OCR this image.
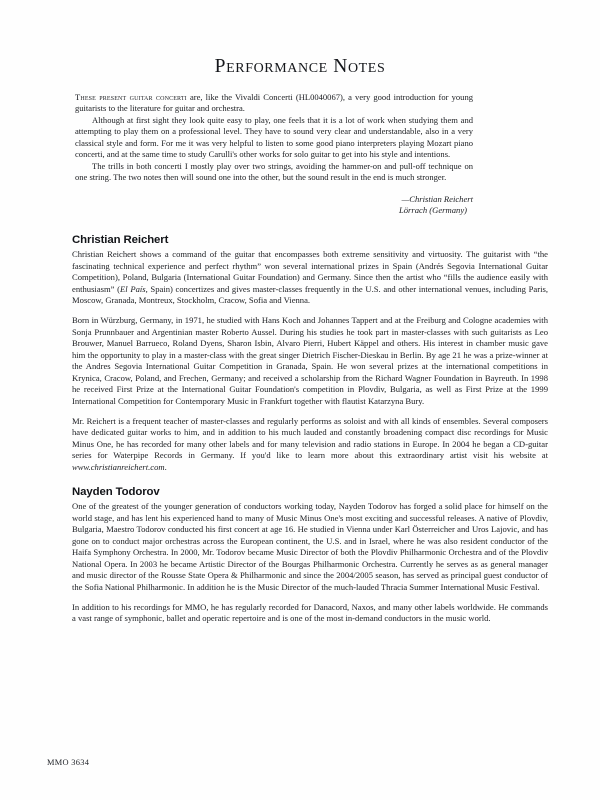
Performance Notes

These present guitar concerti are, like the Vivaldi Concerti (HL0040067), a very good introduction for young guitarists to the literature for guitar and orchestra.

Although at first sight they look quite easy to play, one feels that it is a lot of work when studying them and attempting to play them on a professional level. They have to sound very clear and understandable, also in a very classical style and form. For me it was very helpful to listen to some good piano interpreters playing Mozart piano concerti, and at the same time to study Carulli's other works for solo guitar to get into his style and intentions.

The trills in both concerti I mostly play over two strings, avoiding the hammer-on and pull-off technique on one string. The two notes then will sound one into the other, but the sound result in the end is much stronger.

—Christian Reichert
Lörrach (Germany)
Christian Reichert

Christian Reichert shows a command of the guitar that encompasses both extreme sensitivity and virtuosity. The guitarist with “the fascinating technical experience and perfect rhythm” won several international prizes in Spain (Andrés Segovia International Guitar Competition), Poland, Bulgaria (International Guitar Foundation) and Germany. Since then the artist who “fills the audience easily with enthusiasm” (El País, Spain) concertizes and gives master-classes frequently in the U.S. and other international venues, including Paris, Moscow, Granada, Montreux, Stockholm, Cracow, Sofia and Vienna.

Born in Würzburg, Germany, in 1971, he studied with Hans Koch and Johannes Tappert and at the Freiburg and Cologne academies with Sonja Prunnbauer and Argentinian master Roberto Aussel. During his studies he took part in master-classes with such guitarists as Leo Brouwer, Manuel Barrueco, Roland Dyens, Sharon Isbin, Alvaro Pierri, Hubert Käppel and others. His interest in chamber music gave him the opportunity to play in a master-class with the great singer Dietrich Fischer-Dieskau in Berlin. By age 21 he was a prize-winner at the Andres Segovia International Guitar Competition in Granada, Spain. He won several prizes at the international competitions in Krynica, Cracow, Poland, and Frechen, Germany; and received a scholarship from the Richard Wagner Foundation in Bayreuth. In 1998 he received First Prize at the International Guitar Foundation's competition in Plovdiv, Bulgaria, as well as First Prize at the 1999 International Competition for Contemporary Music in Frankfurt together with flautist Katarzyna Bury.

Mr. Reichert is a frequent teacher of master-classes and regularly performs as soloist and with all kinds of ensembles. Several composers have dedicated guitar works to him, and in addition to his much lauded and constantly broadening compact disc recordings for Music Minus One, he has recorded for many other labels and for many television and radio stations in Europe. In 2004 he began a CD-guitar series for Waterpipe Records in Germany. If you'd like to learn more about this extraordinary artist visit his website at www.christianreichert.com.

Nayden Todorov

One of the greatest of the younger generation of conductors working today, Nayden Todorov has forged a solid place for himself on the world stage, and has lent his experienced hand to many of Music Minus One's most exciting and successful releases. A native of Plovdiv, Bulgaria, Maestro Todorov conducted his first concert at age 16. He studied in Vienna under Karl Österreicher and Uros Lajovic, and has gone on to conduct major orchestras across the European continent, the U.S. and in Israel, where he was also resident conductor of the Haifa Symphony Orchestra. In 2000, Mr. Todorov became Music Director of both the Plovdiv Philharmonic Orchestra and of the Plovdiv National Opera. In 2003 he became Artistic Director of the Bourgas Philharmonic Orchestra. Currently he serves as as general manager and music director of the Rousse State Opera & Philharmonic and since the 2004/2005 season, has served as principal guest conductor of the Sofia National Philharmonic. In addition he is the Music Director of the much-lauded Thracia Summer International Music Festival.

In addition to his recordings for MMO, he has regularly recorded for Danacord, Naxos, and many other labels worldwide. He commands a vast range of symphonic, ballet and operatic repertoire and is one of the most in-demand conductors in the music world.

MMO 3634
